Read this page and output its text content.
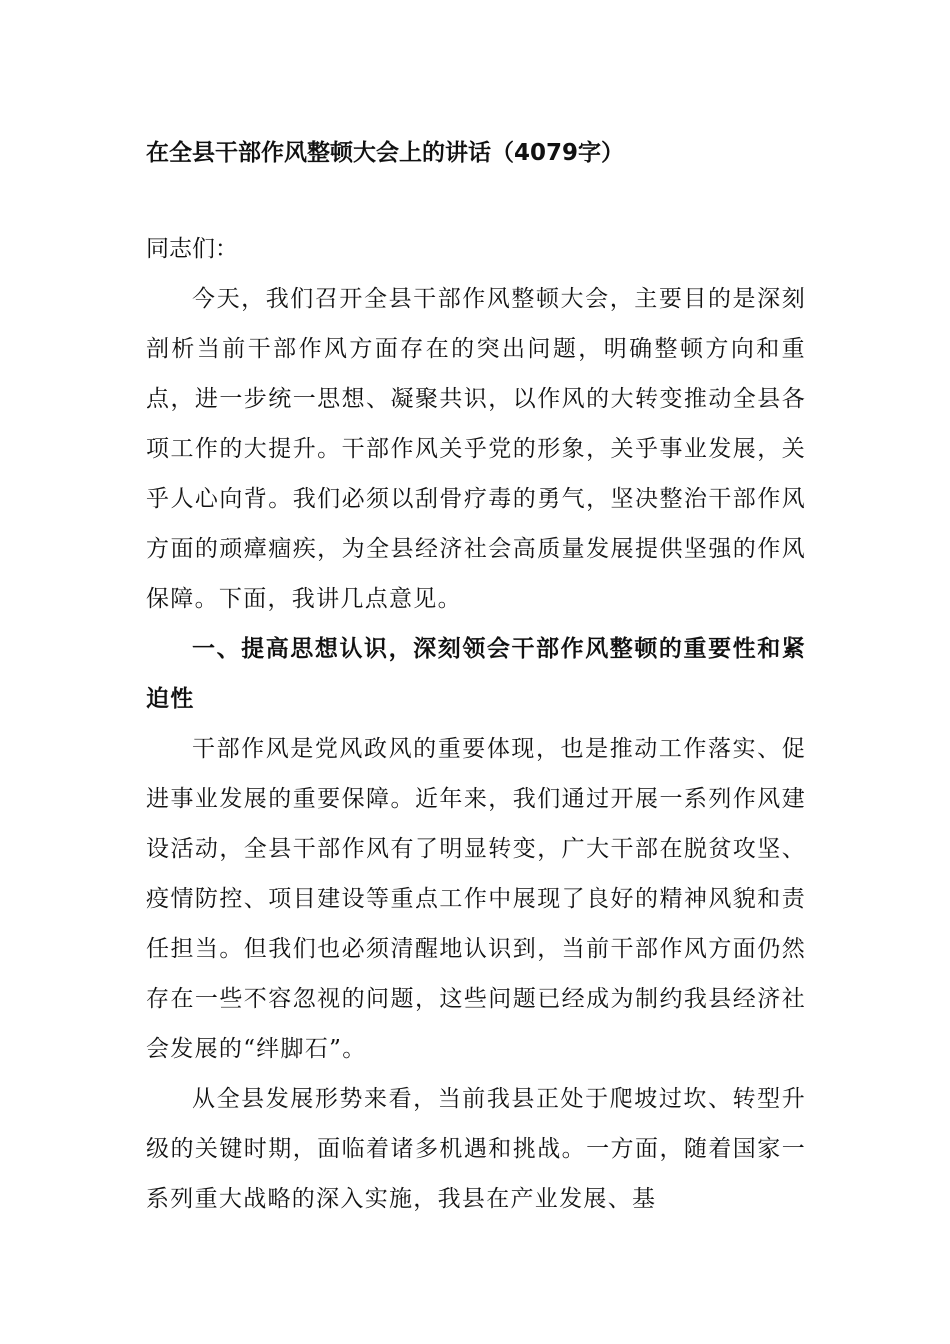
在全县干部作风整顿大会上的讲话（4079字）

同志们：

今天，我们召开全县干部作风整顿大会，主要目的是深刻剖析当前干部作风方面存在的突出问题，明确整顿方向和重点，进一步统一思想、凝聚共识，以作风的大转变推动全县各项工作的大提升。干部作风关乎党的形象，关乎事业发展，关乎人心向背。我们必须以刮骨疗毒的勇气，坚决整治干部作风方面的顽瘴痼疾，为全县经济社会高质量发展提供坚强的作风保障。下面，我讲几点意见。

一、提高思想认识，深刻领会干部作风整顿的重要性和紧迫性

干部作风是党风政风的重要体现，也是推动工作落实、促进事业发展的重要保障。近年来，我们通过开展一系列作风建设活动，全县干部作风有了明显转变，广大干部在脱贫攻坚、疫情防控、项目建设等重点工作中展现了良好的精神风貌和责任担当。但我们也必须清醒地认识到，当前干部作风方面仍然存在一些不容忽视的问题，这些问题已经成为制约我县经济社会发展的“绊脚石”。

从全县发展形势来看，当前我县正处于爬坡过坎、转型升级的关键时期，面临着诸多机遇和挑战。一方面，随着国家一系列重大战略的深入实施，我县在产业发展、基
